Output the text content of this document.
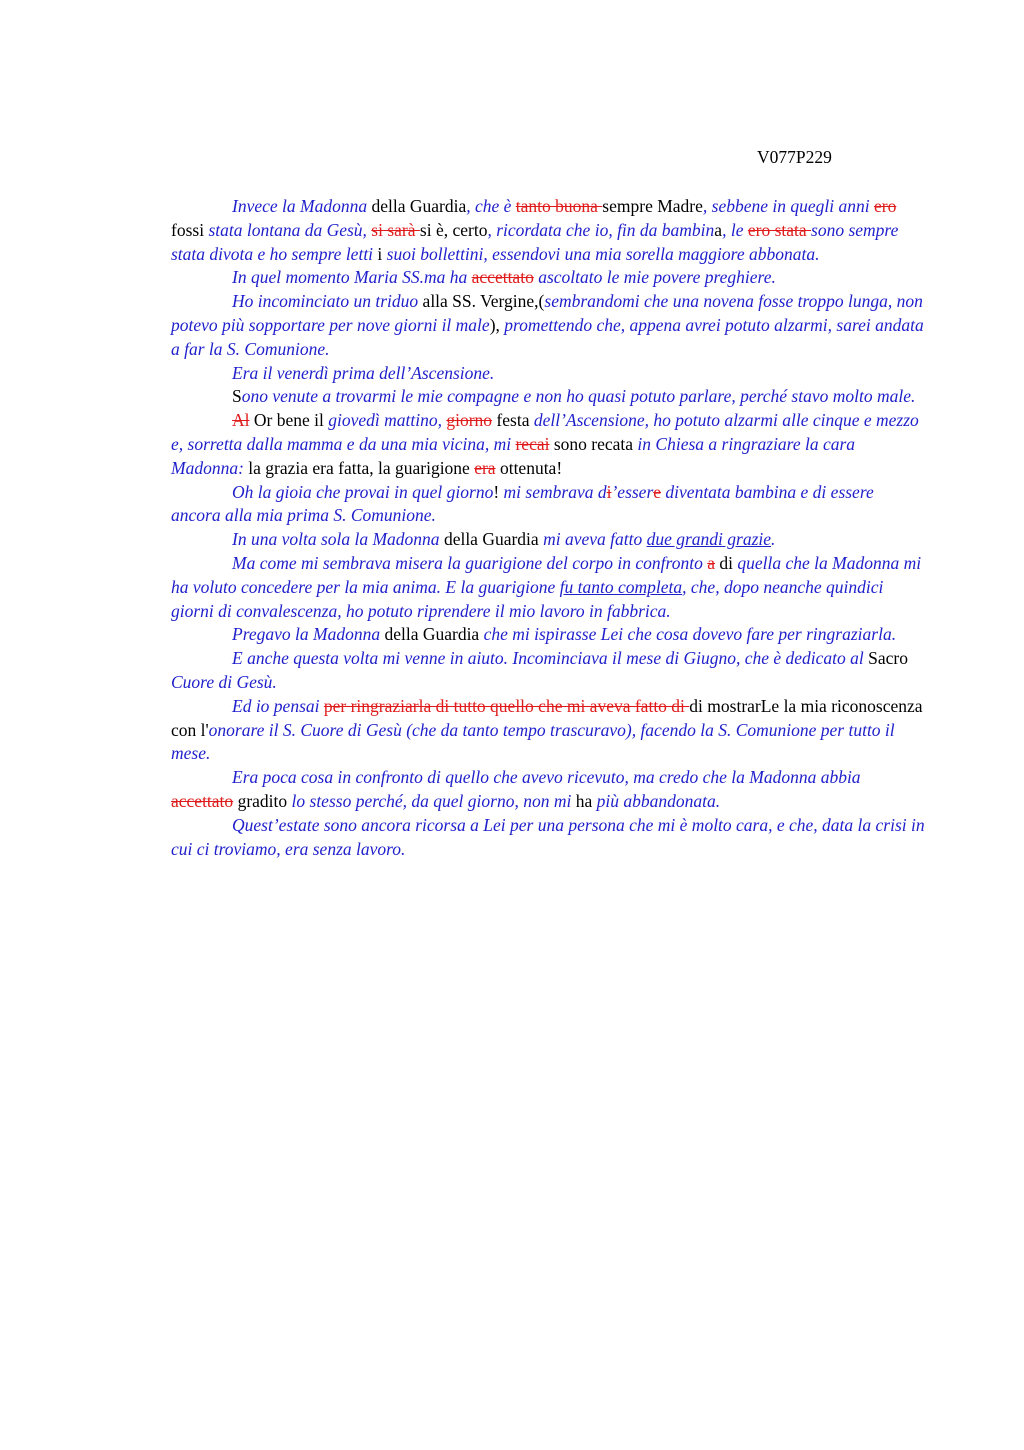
V077P229

Invece la Madonna della Guardia, che è tanto buona sempre Madre, sebbene in quegli anni ero fossi stata lontana da Gesù, si sarà si è, certo, ricordata che io, fin da bambina, le ero stata sono sempre stata divota e ho sempre letti i suoi bollettini, essendovi una mia sorella maggiore abbonata.

In quel momento Maria SS.ma ha accettato ascoltato le mie povere preghiere.

Ho incominciato un triduo alla SS. Vergine,(sembrandomi che una novena fosse troppo lunga, non potevo più sopportare per nove giorni il male), promettendo che, appena avrei potuto alzarmi, sarei andata a far la S. Comunione.

Era il venerdì prima dell’Ascensione.

Sono venute a trovarmi le mie compagne e non ho quasi potuto parlare, perché stavo molto male.

Al Or bene il giovedì mattino, giorno festa dell’Ascensione, ho potuto alzarmi alle cinque e mezzo e, sorretta dalla mamma e da una mia vicina, mi recai sono recata in Chiesa a ringraziare la cara Madonna: la grazia era fatta, la guarigione era ottenuta!

Oh la gioia che provai in quel giorno! mi sembrava di’essere diventata bambina e di essere ancora alla mia prima S. Comunione.

In una volta sola la Madonna della Guardia mi aveva fatto due grandi grazie.

Ma come mi sembrava misera la guarigione del corpo in confronto a di quella che la Madonna mi ha voluto concedere per la mia anima. E la guarigione fu tanto completa, che, dopo neanche quindici giorni di convalescenza, ho potuto riprendere il mio lavoro in fabbrica.

Pregavo la Madonna della Guardia che mi ispirasse Lei che cosa dovevo fare per ringraziarla.

E anche questa volta mi venne in aiuto. Incominciava il mese di Giugno, che è dedicato al Sacro Cuore di Gesù.

Ed io pensai per ringraziarla di tutto quello che mi aveva fatto di di mostrarLe la mia riconoscenza con l'onorare il S. Cuore di Gesù (che da tanto tempo trascuravo), facendo la S. Comunione per tutto il mese.

Era poca cosa in confronto di quello che avevo ricevuto, ma credo che la Madonna abbia accettato gradito lo stesso perché, da quel giorno, non mi ha più abbandonata.

Quest’estate sono ancora ricorsa a Lei per una persona che mi è molto cara, e che, data la crisi in cui ci troviamo, era senza lavoro.
